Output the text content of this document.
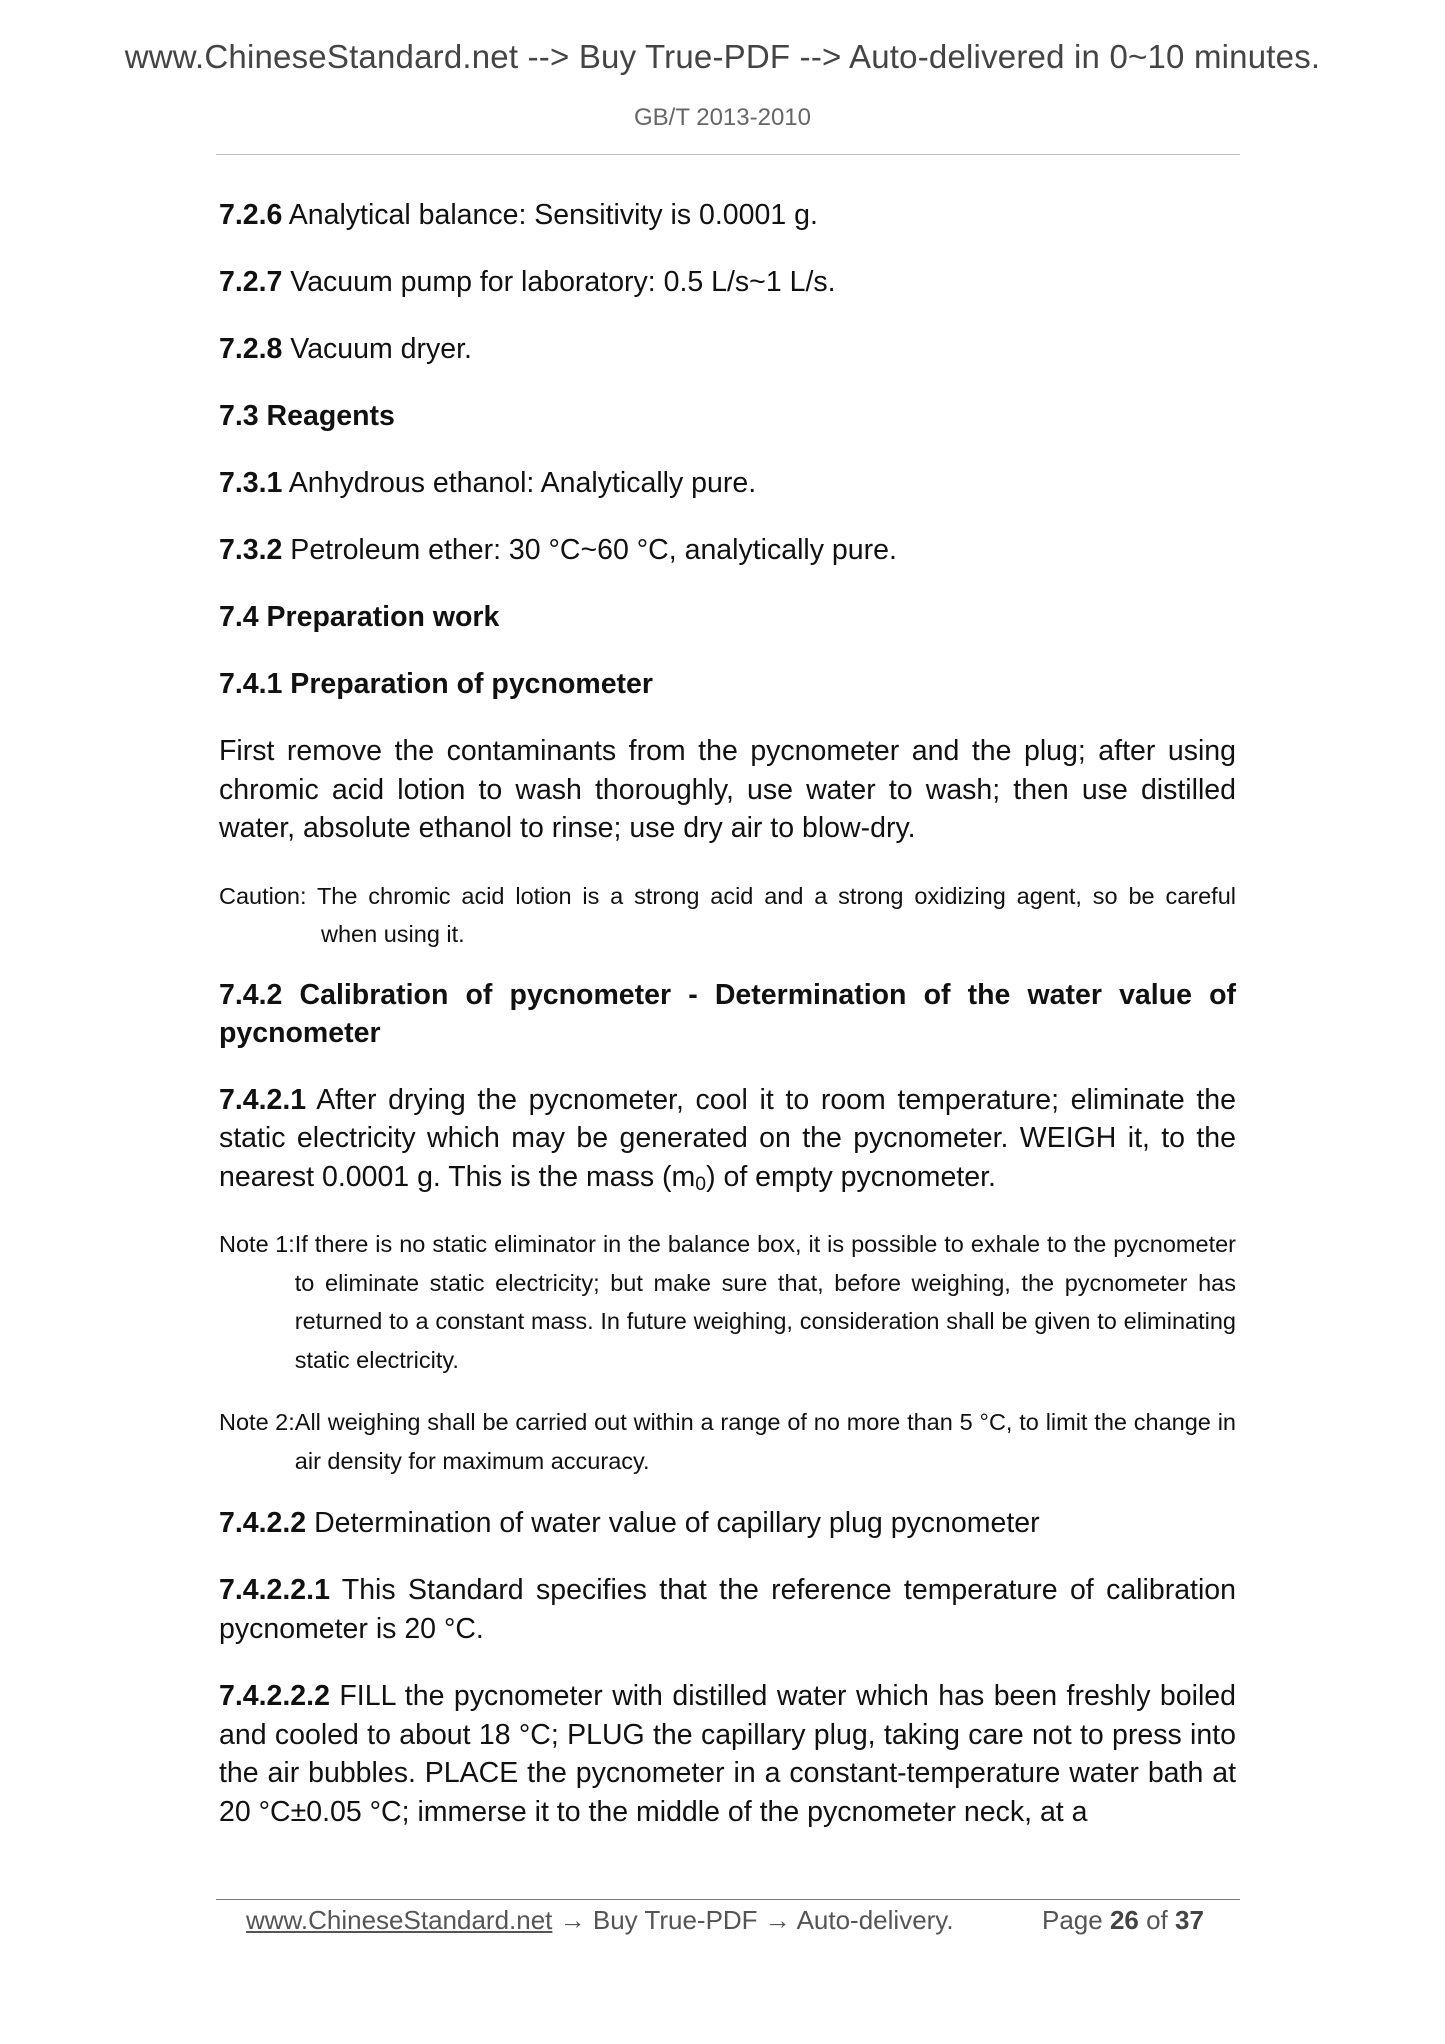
www.ChineseStandard.net --> Buy True-PDF --> Auto-delivered in 0~10 minutes.
GB/T 2013-2010
7.2.6 Analytical balance: Sensitivity is 0.0001 g.
7.2.7 Vacuum pump for laboratory: 0.5 L/s~1 L/s.
7.2.8 Vacuum dryer.
7.3 Reagents
7.3.1 Anhydrous ethanol: Analytically pure.
7.3.2 Petroleum ether: 30 °C~60 °C, analytically pure.
7.4 Preparation work
7.4.1 Preparation of pycnometer
First remove the contaminants from the pycnometer and the plug; after using chromic acid lotion to wash thoroughly, use water to wash; then use distilled water, absolute ethanol to rinse; use dry air to blow-dry.
Caution: The chromic acid lotion is a strong acid and a strong oxidizing agent, so be careful
when using it.
7.4.2 Calibration of pycnometer - Determination of the water value of pycnometer
7.4.2.1 After drying the pycnometer, cool it to room temperature; eliminate the static electricity which may be generated on the pycnometer. WEIGH it, to the nearest 0.0001 g. This is the mass $(m_0)$ of empty pycnometer.
Note 1: If there is no static eliminator in the balance box, it is possible to exhale to the pycnometer to eliminate static electricity; but make sure that, before weighing, the pycnometer has returned to a constant mass. In future weighing, consideration shall be given to eliminating static electricity.
Note 2: All weighing shall be carried out within a range of no more than 5 °C, to limit the change in air density for maximum accuracy.
7.4.2.2 Determination of water value of capillary plug pycnometer
7.4.2.2.1 This Standard specifies that the reference temperature of calibration pycnometer is 20 °C.
7.4.2.2.2 FILL the pycnometer with distilled water which has been freshly boiled and cooled to about 18 °C; PLUG the capillary plug, taking care not to press into the air bubbles. PLACE the pycnometer in a constant-temperature water bath at 20 °C±0.05 °C; immerse it to the middle of the pycnometer neck, at a
www.ChineseStandard.net → Buy True-PDF → Auto-delivery.	Page 26 of 37
